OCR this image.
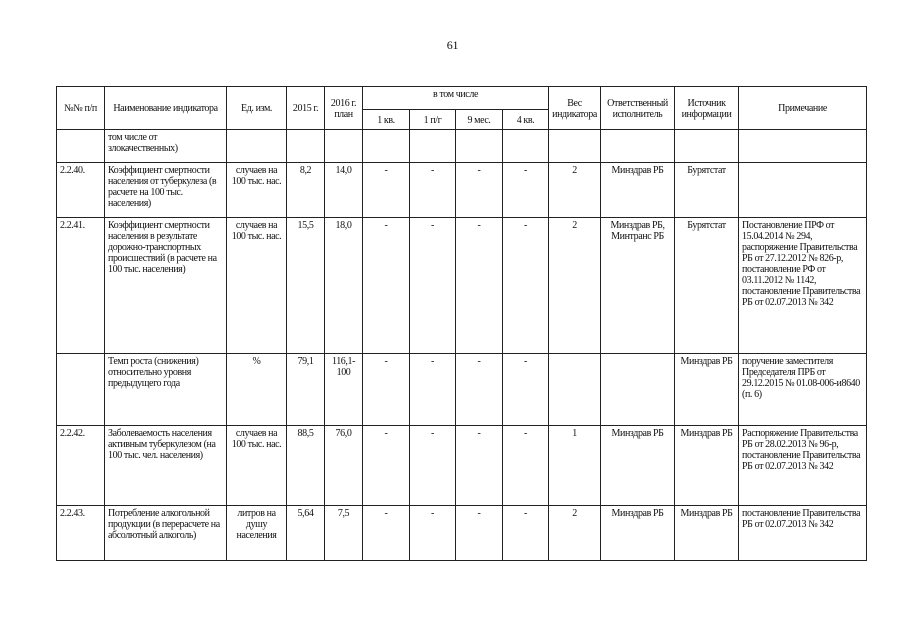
61
№№ п/п	Наименование индикатора	Ед. изм.	2015 г.	2016 г. план	в том числе				Вес индикатора	Ответственный исполнитель	Источник информации	Примечание
					1 кв.	1 п/г	9 мес.	4 кв.				
	том числе от злокачественных)											
2.2.40.	Коэффициент смертности населения от туберкулеза (в расчете на 100 тыс. населения)	случаев на 100 тыс. нас.	8,2	14,0	-	-	-	-	2	Минздрав РБ	Бурятстат	
2.2.41.	Коэффициент смертности населения в результате дорожно-транспортных происшествий (в расчете на 100 тыс. населения)	случаев на 100 тыс. нас.	15,5	18,0	-	-	-	-	2	Минздрав РБ, Минтранс РБ	Бурятстат	Постановление ПРФ от 15.04.2014 № 294, распоряжение Правительства РБ от 27.12.2012 № 826-р, постановление РФ от 03.11.2012 № 1142, постановление Правительства РБ от 02.07.2013 № 342
	Темп роста (снижения) относительно уровня предыдущего года	%	79,1	116,1-100	-	-	-	-			Минздрав РБ	поручение заместителя Председателя ПРБ от 29.12.2015 № 01.08-006-и8640 (п. 6)
2.2.42.	Заболеваемость населения активным туберкулезом (на 100 тыс. чел. населения)	случаев на 100 тыс. нас.	88,5	76,0	-	-	-	-	1	Минздрав РБ	Минздрав РБ	Распоряжение Правительства РБ от 28.02.2013 № 96-р, постановление Правительства РБ от 02.07.2013 № 342
2.2.43.	Потребление алкогольной продукции (в перерасчете на абсолютный алкоголь)	литров на душу населения	5,64	7,5	-	-	-	-	2	Минздрав РБ	Минздрав РБ	постановление Правительства РБ от 02.07.2013 № 342
